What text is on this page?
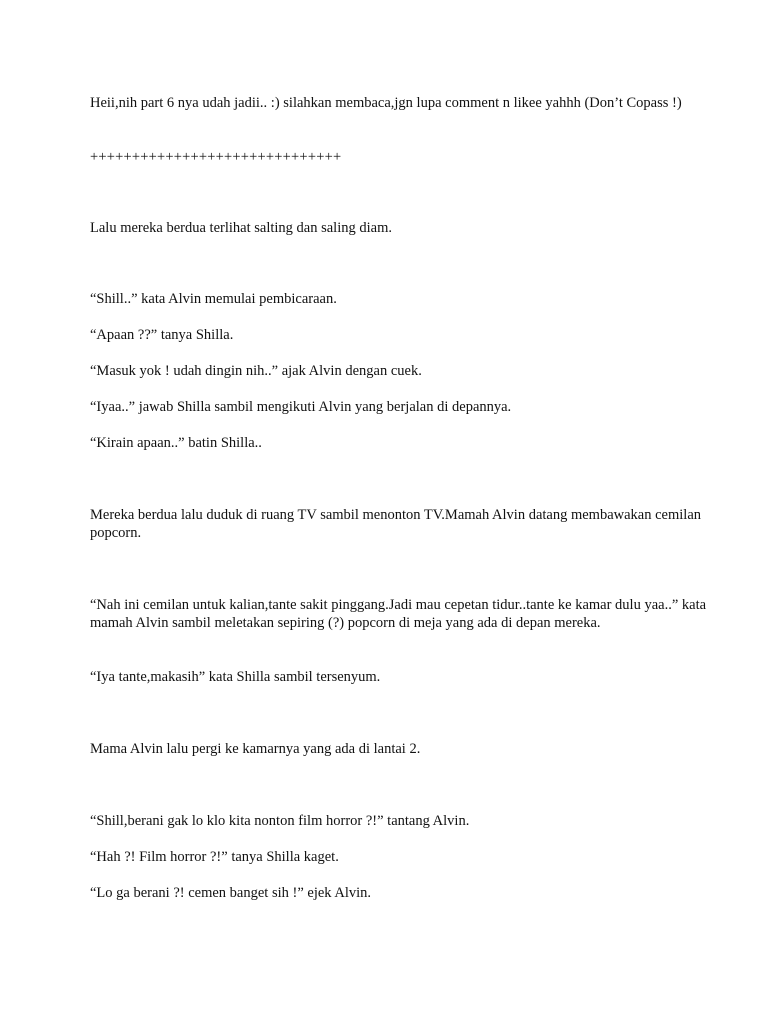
Heii,nih part 6 nya udah jadii.. :) silahkan membaca,jgn lupa comment n likee yahhh (Don’t Copass !)

++++++++++++++++++++++++++++++

Lalu mereka berdua terlihat salting dan saling diam.

“Shill..” kata Alvin memulai pembicaraan.

“Apaan ??” tanya Shilla.

“Masuk yok ! udah dingin nih..” ajak Alvin dengan cuek.

“Iyaa..” jawab Shilla sambil mengikuti Alvin yang berjalan di depannya.

“Kirain apaan..” batin Shilla..

Mereka berdua lalu duduk di ruang TV sambil menonton TV.Mamah Alvin datang membawakan cemilan popcorn.

“Nah ini cemilan untuk kalian,tante sakit pinggang.Jadi mau cepetan tidur..tante ke kamar dulu yaa..” kata mamah Alvin sambil meletakan sepiring (?) popcorn di meja yang ada di depan mereka.

“Iya tante,makasih” kata Shilla sambil tersenyum.

Mama Alvin lalu pergi ke kamarnya yang ada di lantai 2.

“Shill,berani gak lo klo kita nonton film horror ?!” tantang Alvin.

“Hah ?! Film horror ?!” tanya Shilla kaget.

“Lo ga berani ?! cemen banget sih !” ejek Alvin.
